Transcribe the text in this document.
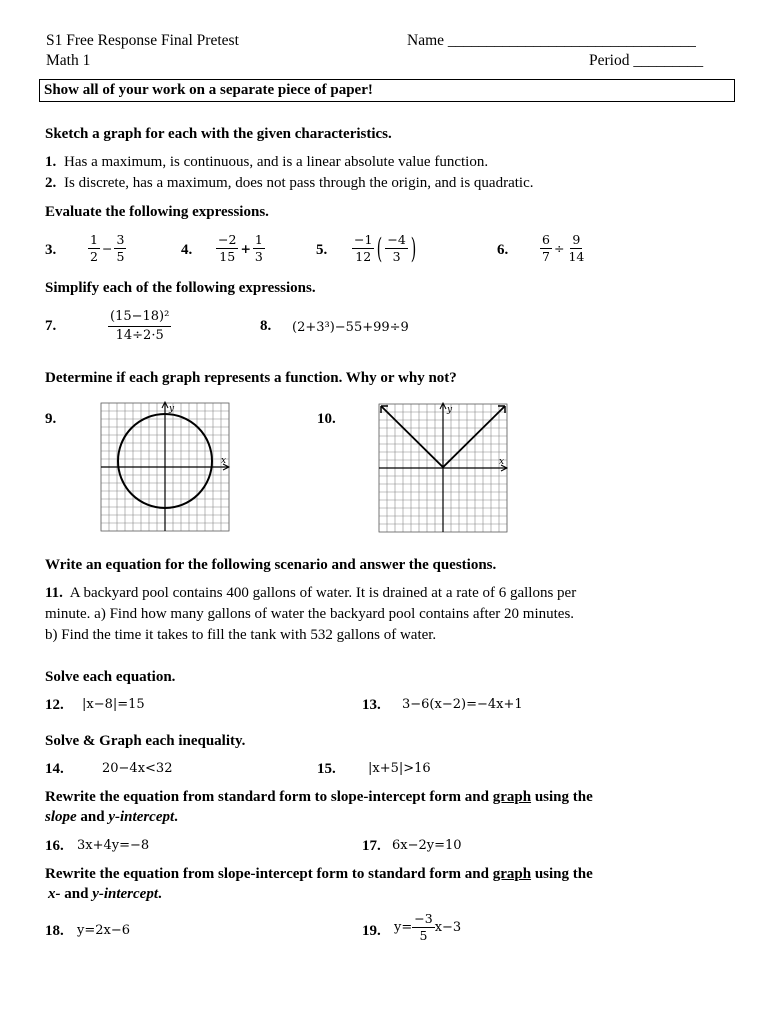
S1 Free Response Final Pretest
Math 1
Name ________________________________
Period _________
Show all of your work on a separate piece of paper!
Sketch a graph for each with the given characteristics.
1. Has a maximum, is continuous, and is a linear absolute value function.
2. Is discrete, has a maximum, does not pass through the origin, and is quadratic.
Evaluate the following expressions.
3.	$\frac{1}{2} - \frac{3}{5}$	4. $\frac{-2}{15} + \frac{1}{3}$	5. $\frac{-1}{12}$ ( $\frac{-4}{3}$ )	6.	$\frac{6}{7} \div \frac{9}{14}$
Simplify each of the following expressions.
7.	$\frac{\text{(15−18)²}}{14\div 2\cdot 5}$	8. (2+3³)−55+99÷9
Determine if each graph represents a function. Why or why not?
9.	10.
y
x
y
x
Write an equation for the following scenario and answer the questions.
11. A backyard pool contains 400 gallons of water. It is drained at a rate of 6 gallons per
minute. a) Find how many gallons of water the backyard pool contains after 20 minutes.
b) Find the time it takes to fill the tank with 532 gallons of water.
Solve each equation.
12. |x−8|=15	13. 3−6(x−2)=−4x+1
Solve & Graph each inequality.
14.	20−4x<32	15. |x+5|>16
Rewrite the equation from standard form to slope-intercept form and graph using the
slope and y-intercept.
16. 3x+4y=−8	17. 6x−2y=10
Rewrite the equation from slope-intercept form to standard form and graph using the
x- and y-intercept.
18. y=2x−6	19. $y= \frac{-3}{5} x-3$
